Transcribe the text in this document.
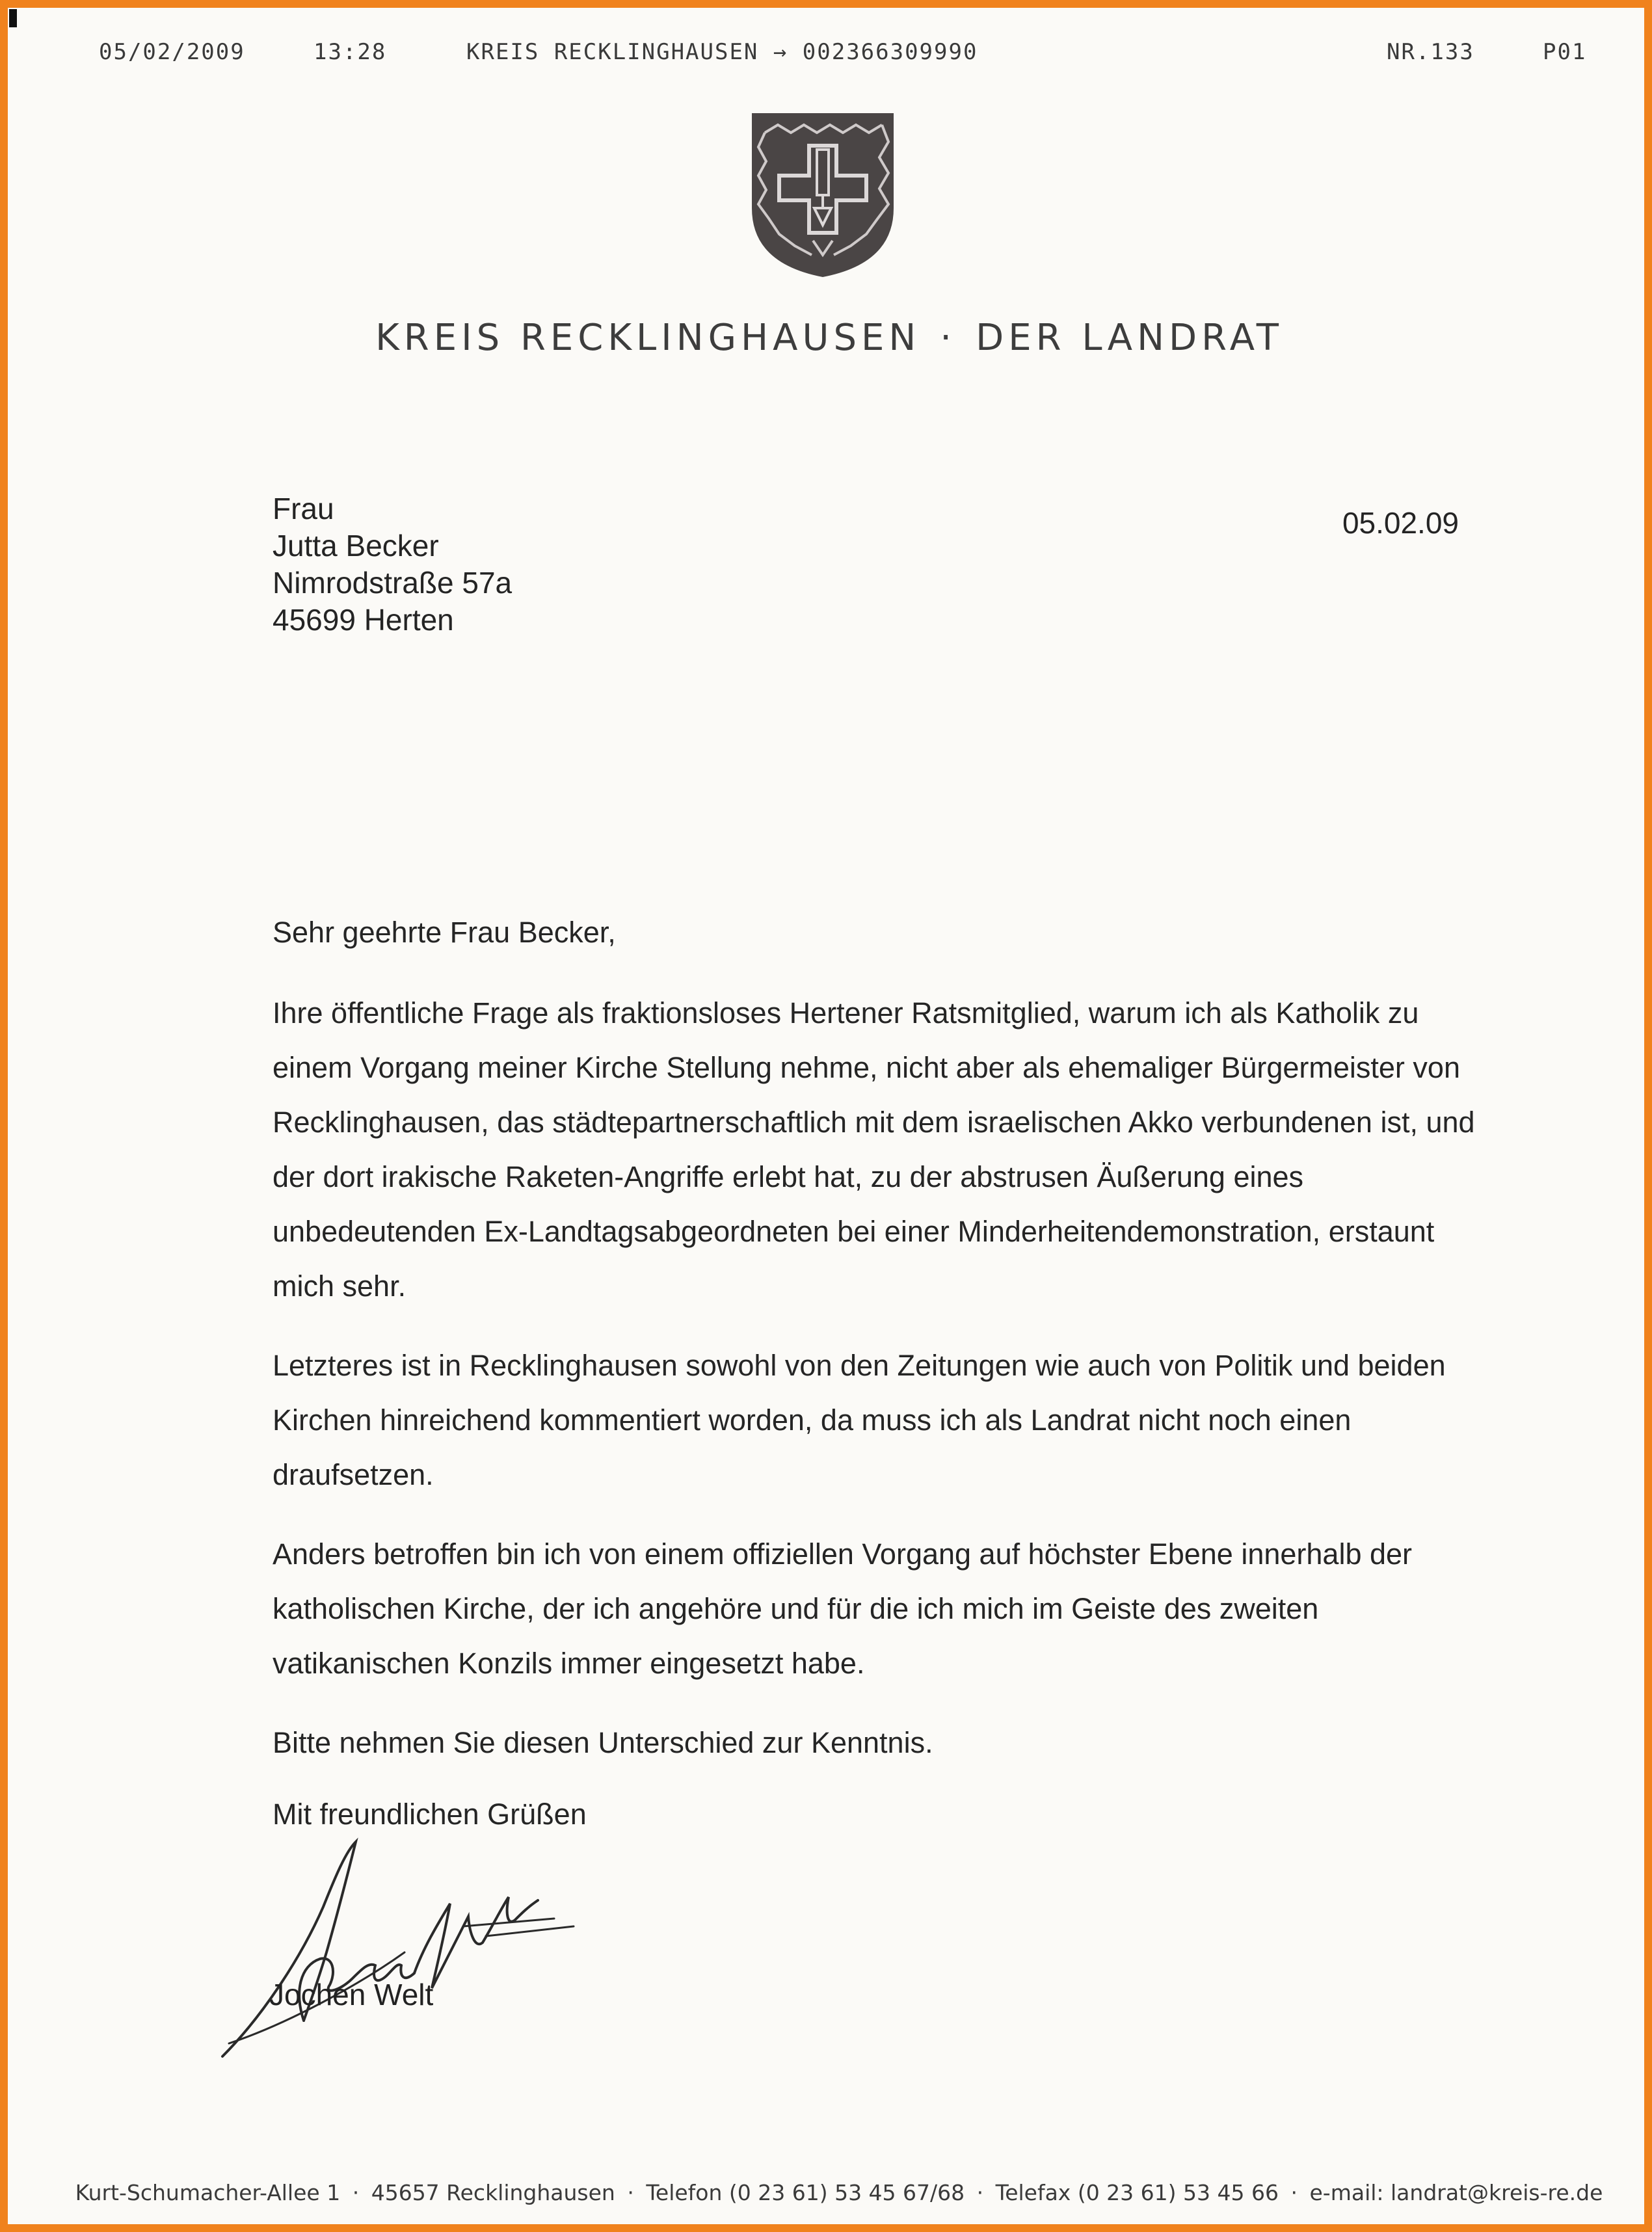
05/02/2009	13:28	KREIS RECKLINGHAUSEN → 002366309990	NR.133	P01
KREIS RECKLINGHAUSEN · DER LANDRAT
Frau
Jutta Becker
Nimrodstraße 57a
45699 Herten
05.02.09

Sehr geehrte Frau Becker,

Ihre öffentliche Frage als fraktionsloses Hertener Ratsmitglied, warum ich als Katholik zu einem Vorgang meiner Kirche Stellung nehme, nicht aber als ehemaliger Bürgermeister von Recklinghausen, das städtepartnerschaftlich mit dem israelischen Akko verbundenen ist, und der dort irakische Raketen-Angriffe erlebt hat, zu der abstrusen Äußerung eines unbedeutenden Ex-Landtagsabgeordneten bei einer Minderheitendemonstration, erstaunt mich sehr.

Letzteres ist in Recklinghausen sowohl von den Zeitungen wie auch von Politik und beiden Kirchen hinreichend kommentiert worden, da muss ich als Landrat nicht noch einen draufsetzen.

Anders betroffen bin ich von einem offiziellen Vorgang auf höchster Ebene innerhalb der katholischen Kirche, der ich angehöre und für die ich mich im Geiste des zweiten vatikanischen Konzils immer eingesetzt habe.

Bitte nehmen Sie diesen Unterschied zur Kenntnis.

Mit freundlichen Grüßen
Jochen Welt
Kurt-Schumacher-Allee 1 · 45657 Recklinghausen · Telefon (0 23 61) 53 45 67/68 · Telefax (0 23 61) 53 45 66 · e-mail: landrat@kreis-re.de
